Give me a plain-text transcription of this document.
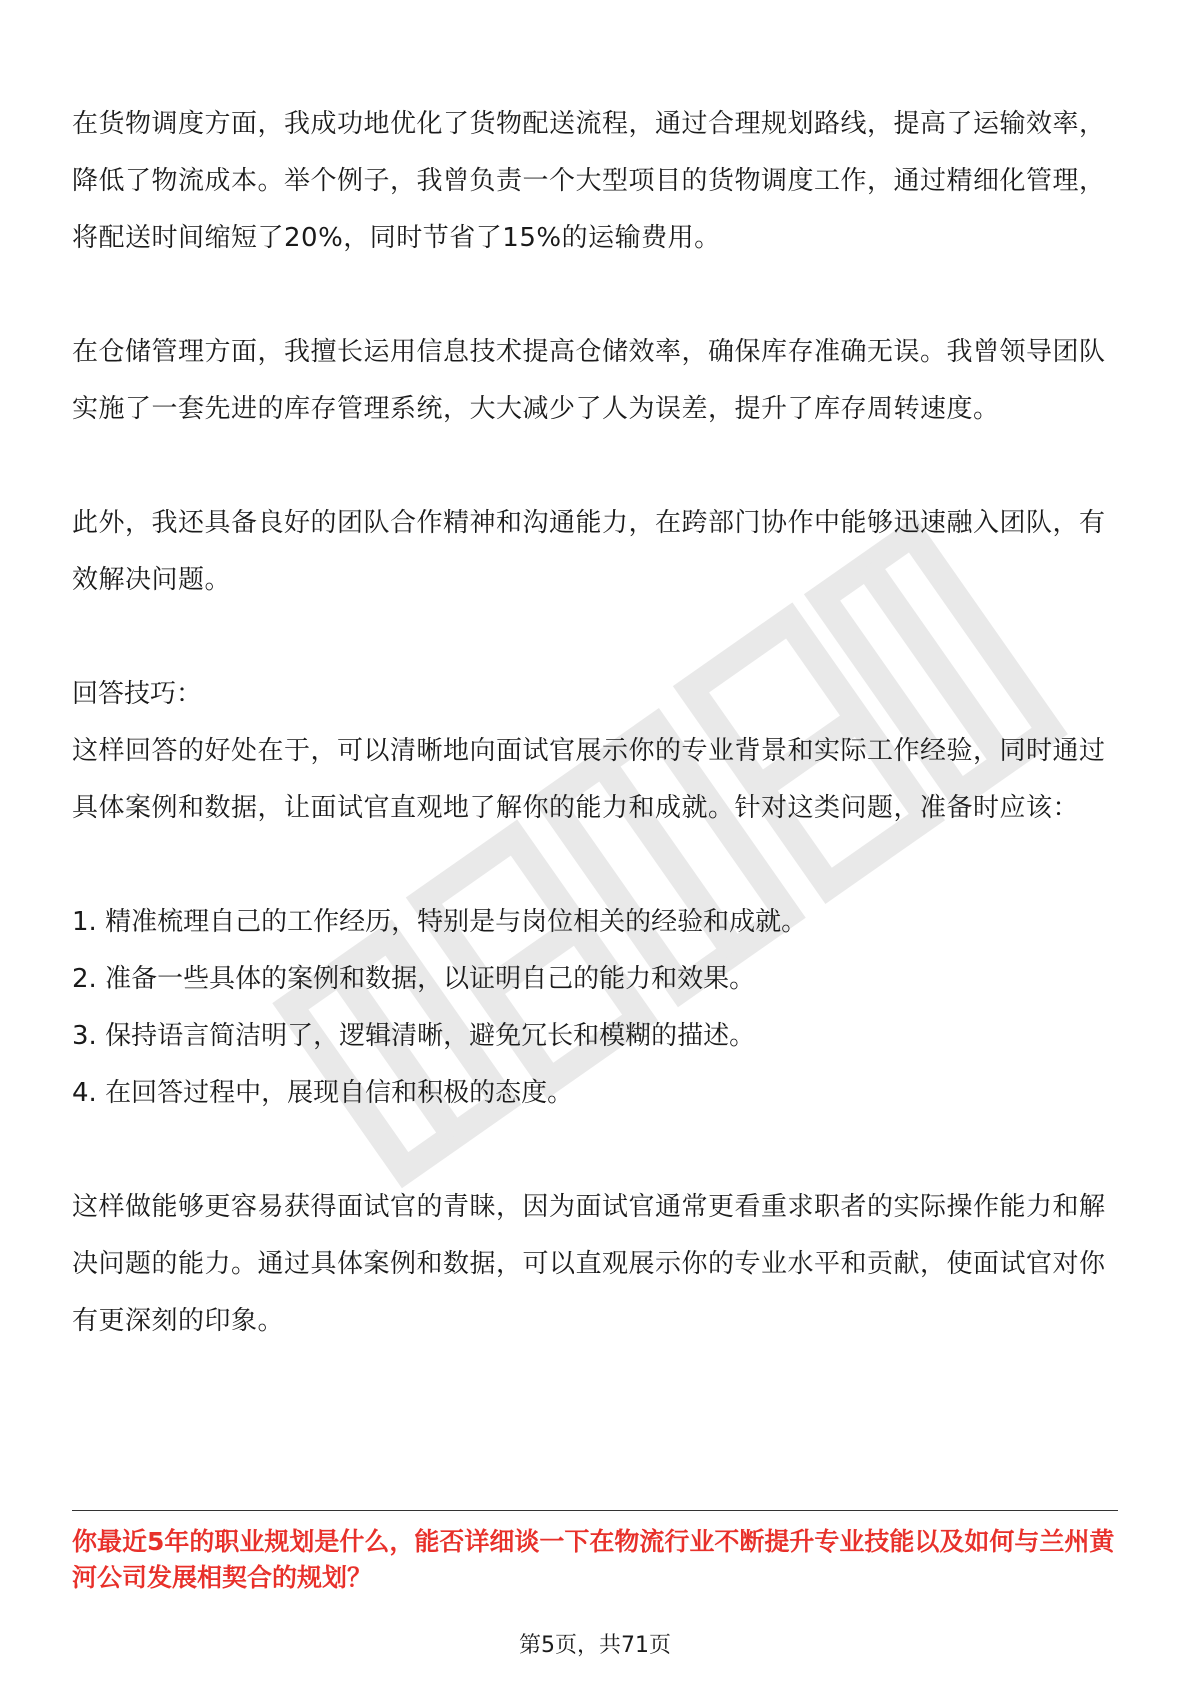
在货物调度方面，我成功地优化了货物配送流程，通过合理规划路线，提高了运输效率，降低了物流成本。举个例子，我曾负责一个大型项目的货物调度工作，通过精细化管理，将配送时间缩短了20%，同时节省了15%的运输费用。

在仓储管理方面，我擅长运用信息技术提高仓储效率，确保库存准确无误。我曾领导团队实施了一套先进的库存管理系统，大大减少了人为误差，提升了库存周转速度。

此外，我还具备良好的团队合作精神和沟通能力，在跨部门协作中能够迅速融入团队，有效解决问题。

回答技巧：

这样回答的好处在于，可以清晰地向面试官展示你的专业背景和实际工作经验，同时通过具体案例和数据，让面试官直观地了解你的能力和成就。针对这类问题，准备时应该：

1. 精准梳理自己的工作经历，特别是与岗位相关的经验和成就。

2. 准备一些具体的案例和数据，以证明自己的能力和效果。

3. 保持语言简洁明了，逻辑清晰，避免冗长和模糊的描述。

4. 在回答过程中，展现自信和积极的态度。

这样做能够更容易获得面试官的青睐，因为面试官通常更看重求职者的实际操作能力和解决问题的能力。通过具体案例和数据，可以直观展示你的专业水平和贡献，使面试官对你有更深刻的印象。

你最近5年的职业规划是什么，能否详细谈一下在物流行业不断提升专业技能以及如何与兰州黄河公司发展相契合的规划？

第5页，共71页
